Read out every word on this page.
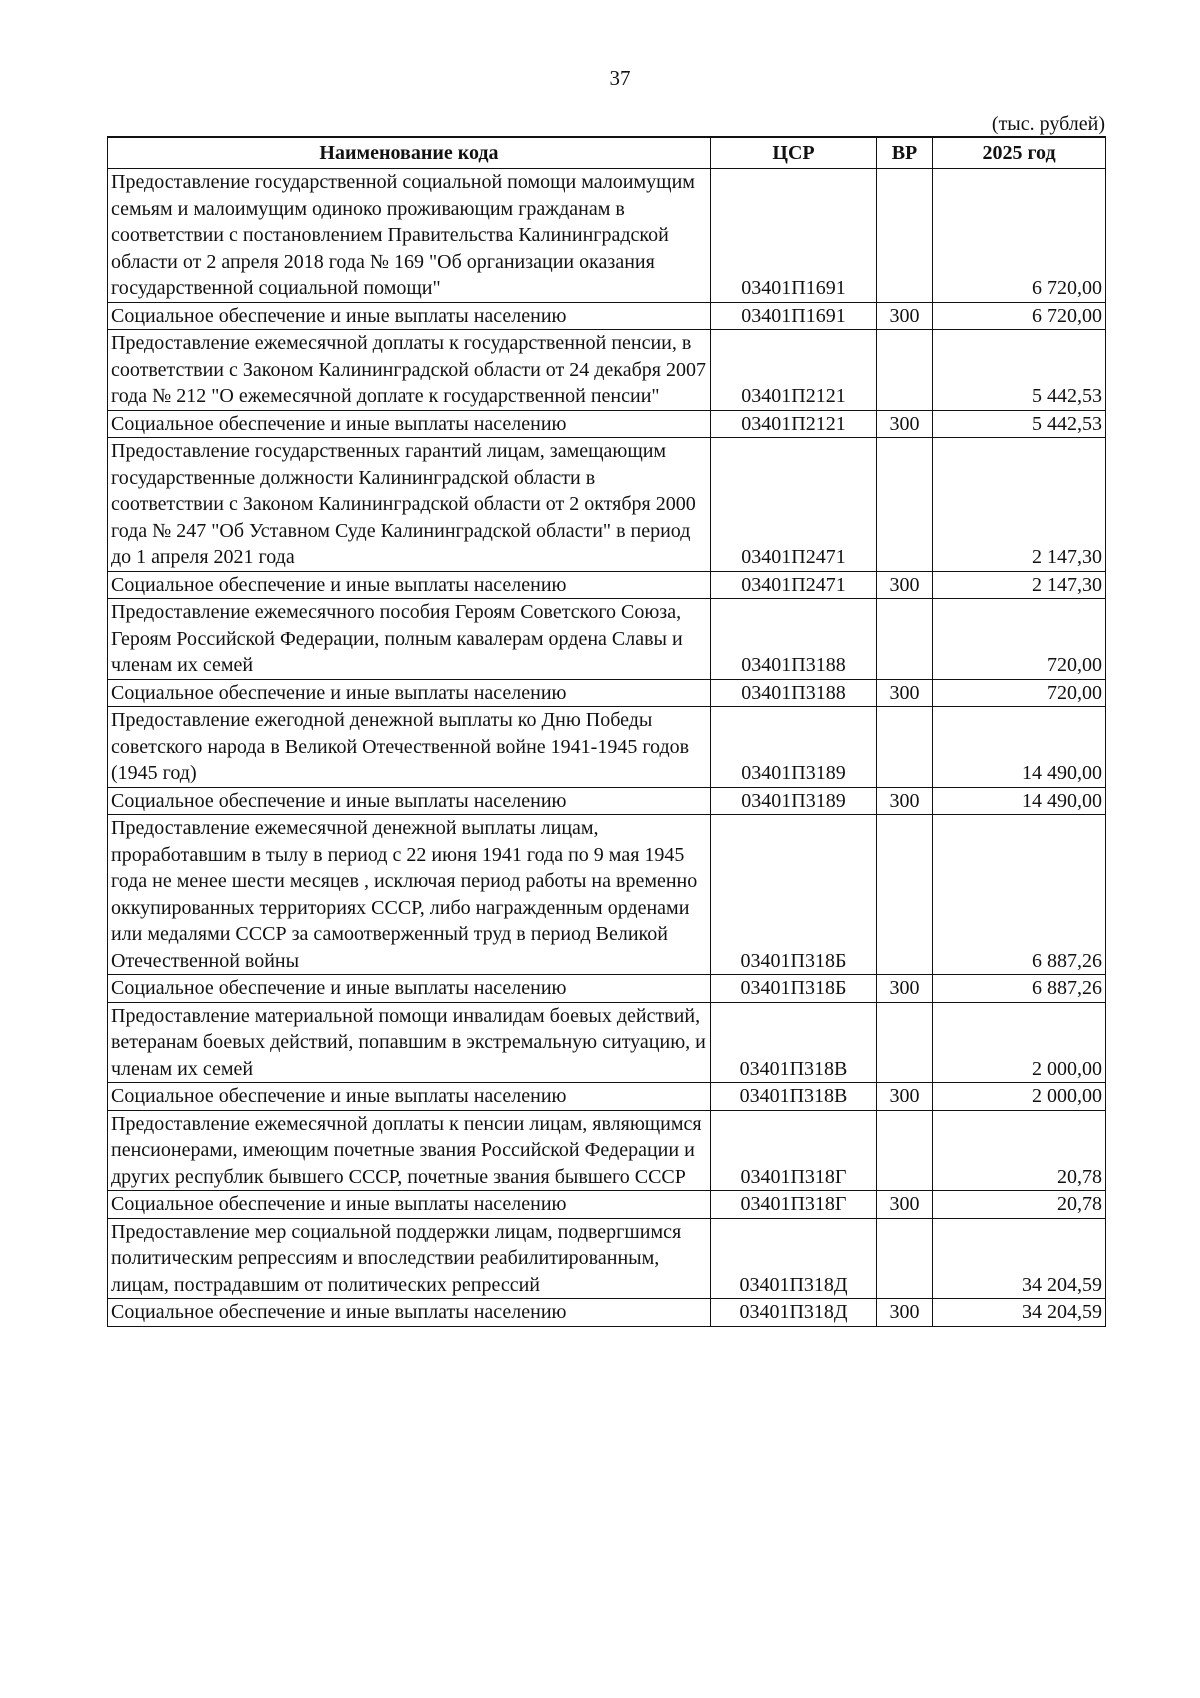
37
(тыс. рублей)
Наименование кода	ЦСР	ВР	2025 год
Предоставление государственной социальной помощи малоимущим семьям и малоимущим одиноко проживающим гражданам в соответствии с постановлением Правительства Калининградской области от 2 апреля 2018 года № 169 "Об организации оказания государственной социальной помощи"	03401П1691		6 720,00
Социальное обеспечение и иные выплаты населению	03401П1691	300	6 720,00
Предоставление ежемесячной доплаты к государственной пенсии, в соответствии с Законом Калининградской области от 24 декабря 2007 года № 212 "О ежемесячной доплате к государственной пенсии"	03401П2121		5 442,53
Социальное обеспечение и иные выплаты населению	03401П2121	300	5 442,53
Предоставление государственных гарантий лицам, замещающим государственные должности Калининградской области в соответствии с Законом Калининградской области от 2 октября 2000 года № 247 "Об Уставном Суде Калининградской области" в период до 1 апреля 2021 года	03401П2471		2 147,30
Социальное обеспечение и иные выплаты населению	03401П2471	300	2 147,30
Предоставление ежемесячного пособия Героям Советского Союза, Героям Российской Федерации, полным кавалерам ордена Славы и членам их семей	03401П3188		720,00
Социальное обеспечение и иные выплаты населению	03401П3188	300	720,00
Предоставление ежегодной денежной выплаты ко Дню Победы советского народа в Великой Отечественной войне 1941-1945 годов (1945 год)	03401П3189		14 490,00
Социальное обеспечение и иные выплаты населению	03401П3189	300	14 490,00
Предоставление ежемесячной денежной выплаты лицам, проработавшим в тылу в период с 22 июня 1941 года по 9 мая 1945 года не менее шести месяцев , исключая период работы на временно оккупированных территориях СССР, либо награжденным орденами или медалями СССР за самоотверженный труд в период Великой Отечественной войны	03401П318Б		6 887,26
Социальное обеспечение и иные выплаты населению	03401П318Б	300	6 887,26
Предоставление материальной помощи инвалидам боевых действий, ветеранам боевых действий, попавшим в экстремальную ситуацию, и членам их семей	03401П318В		2 000,00
Социальное обеспечение и иные выплаты населению	03401П318В	300	2 000,00
Предоставление ежемесячной доплаты к пенсии лицам, являющимся пенсионерами, имеющим почетные звания Российской Федерации и других республик бывшего СССР, почетные звания бывшего СССР	03401П318Г		20,78
Социальное обеспечение и иные выплаты населению	03401П318Г	300	20,78
Предоставление мер социальной поддержки лицам, подвергшимся политическим репрессиям и впоследствии реабилитированным, лицам, пострадавшим от политических репрессий	03401П318Д		34 204,59
Социальное обеспечение и иные выплаты населению	03401П318Д	300	34 204,59
